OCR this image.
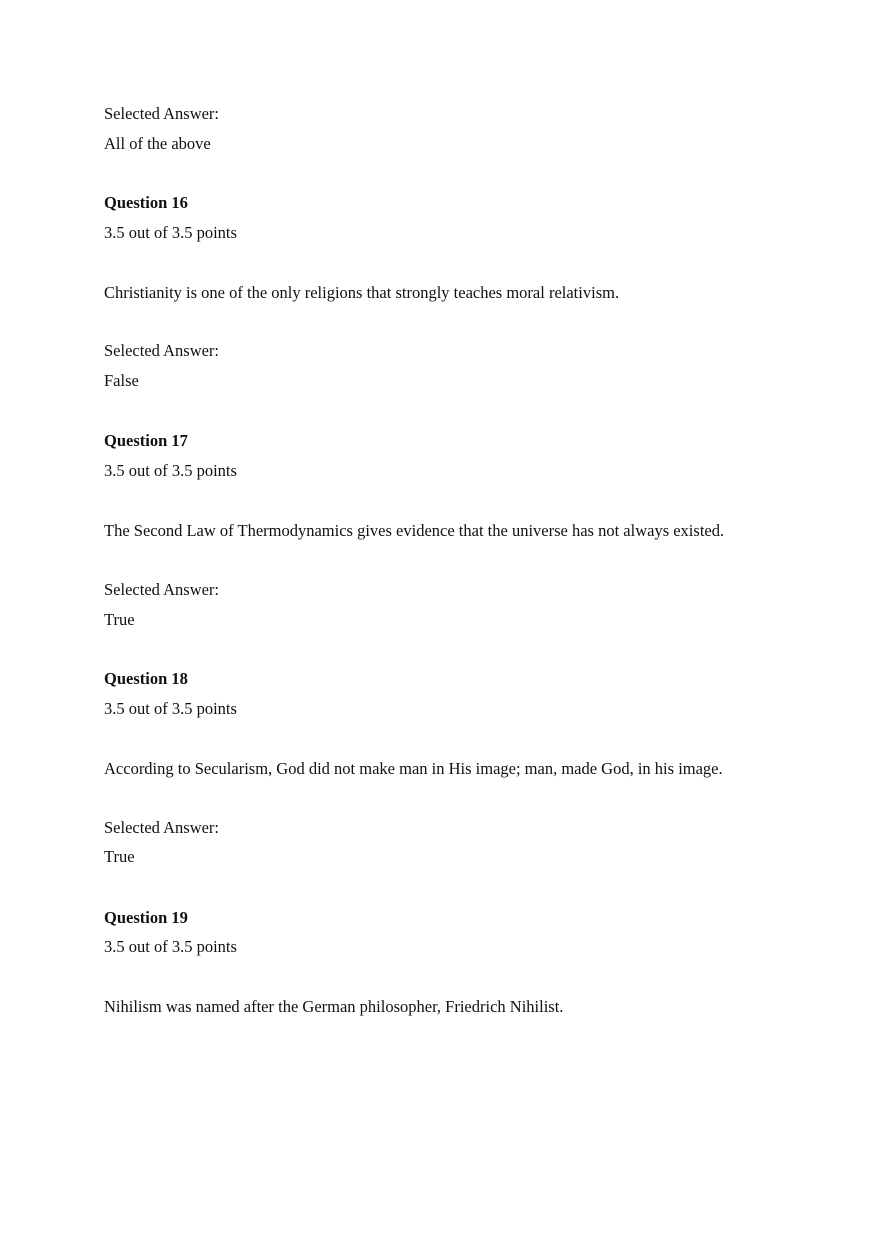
Selected Answer:
All of the above
Question 16
3.5 out of 3.5 points
Christianity is one of the only religions that strongly teaches moral relativism.
Selected Answer:
False
Question 17
3.5 out of 3.5 points
The Second Law of Thermodynamics gives evidence that the universe has not always existed.
Selected Answer:
True
Question 18
3.5 out of 3.5 points
According to Secularism, God did not make man in His image; man, made God, in his image.
Selected Answer:
True
Question 19
3.5 out of 3.5 points
Nihilism was named after the German philosopher, Friedrich Nihilist.
